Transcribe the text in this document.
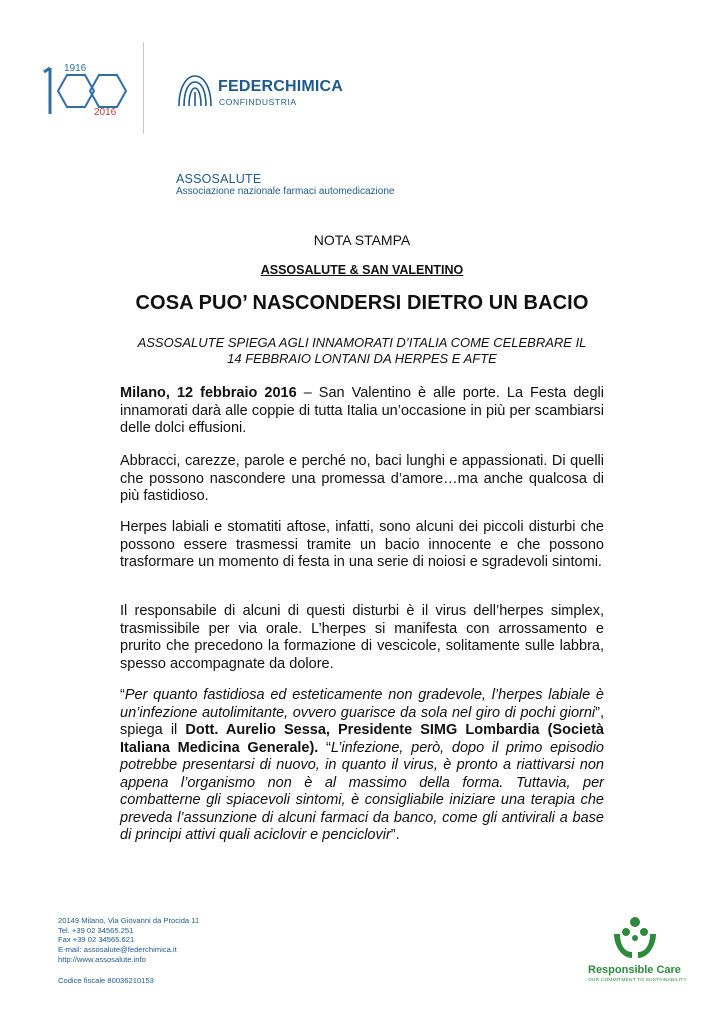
1916
2016
FEDERCHIMICA
CONFINDUSTRIA
ASSOSALUTE
Associazione nazionale farmaci automedicazione
NOTA STAMPA
ASSOSALUTE & SAN VALENTINO
COSA PUO’ NASCONDERSI DIETRO UN BACIO
ASSOSALUTE SPIEGA AGLI INNAMORATI D’ITALIA COME CELEBRARE IL
14 FEBBRAIO LONTANI DA HERPES E AFTE
Milano, 12 febbraio 2016 – San Valentino è alle porte. La Festa degli innamorati darà alle coppie di tutta Italia un’occasione in più per scambiarsi delle dolci effusioni.
Abbracci, carezze, parole e perché no, baci lunghi e appassionati. Di quelli che possono nascondere una promessa d’amore…ma anche qualcosa di più fastidioso.
Herpes labiali e stomatiti aftose, infatti, sono alcuni dei piccoli disturbi che possono essere trasmessi tramite un bacio innocente e che possono trasformare un momento di festa in una serie di noiosi e sgradevoli sintomi.
Il responsabile di alcuni di questi disturbi è il virus dell’herpes simplex, trasmissibile per via orale. L’herpes si manifesta con arrossamento e prurito che precedono la formazione di vescicole, solitamente sulle labbra, spesso accompagnate da dolore.
“Per quanto fastidiosa ed esteticamente non gradevole, l’herpes labiale è un’infezione autolimitante, ovvero guarisce da sola nel giro di pochi giorni”, spiega il Dott. Aurelio Sessa, Presidente SIMG Lombardia (Società Italiana Medicina Generale). “L’infezione, però, dopo il primo episodio potrebbe presentarsi di nuovo, in quanto il virus, è pronto a riattivarsi non appena l’organismo non è al massimo della forma. Tuttavia, per combatterne gli spiacevoli sintomi, è consigliabile iniziare una terapia che preveda l’assunzione di alcuni farmaci da banco, come gli antivirali a base di principi attivi quali aciclovir e penciclovir”.
20149 Milano, Via Giovanni da Procida 11
Tel. +39 02 34565.251
Fax +39 02 34565.621
E-mail: assosalute@federchimica.it
http://www.assosalute.info
Codice fiscale 80036210153
Responsible Care
OUR COMMITMENT TO SUSTAINABILITY
